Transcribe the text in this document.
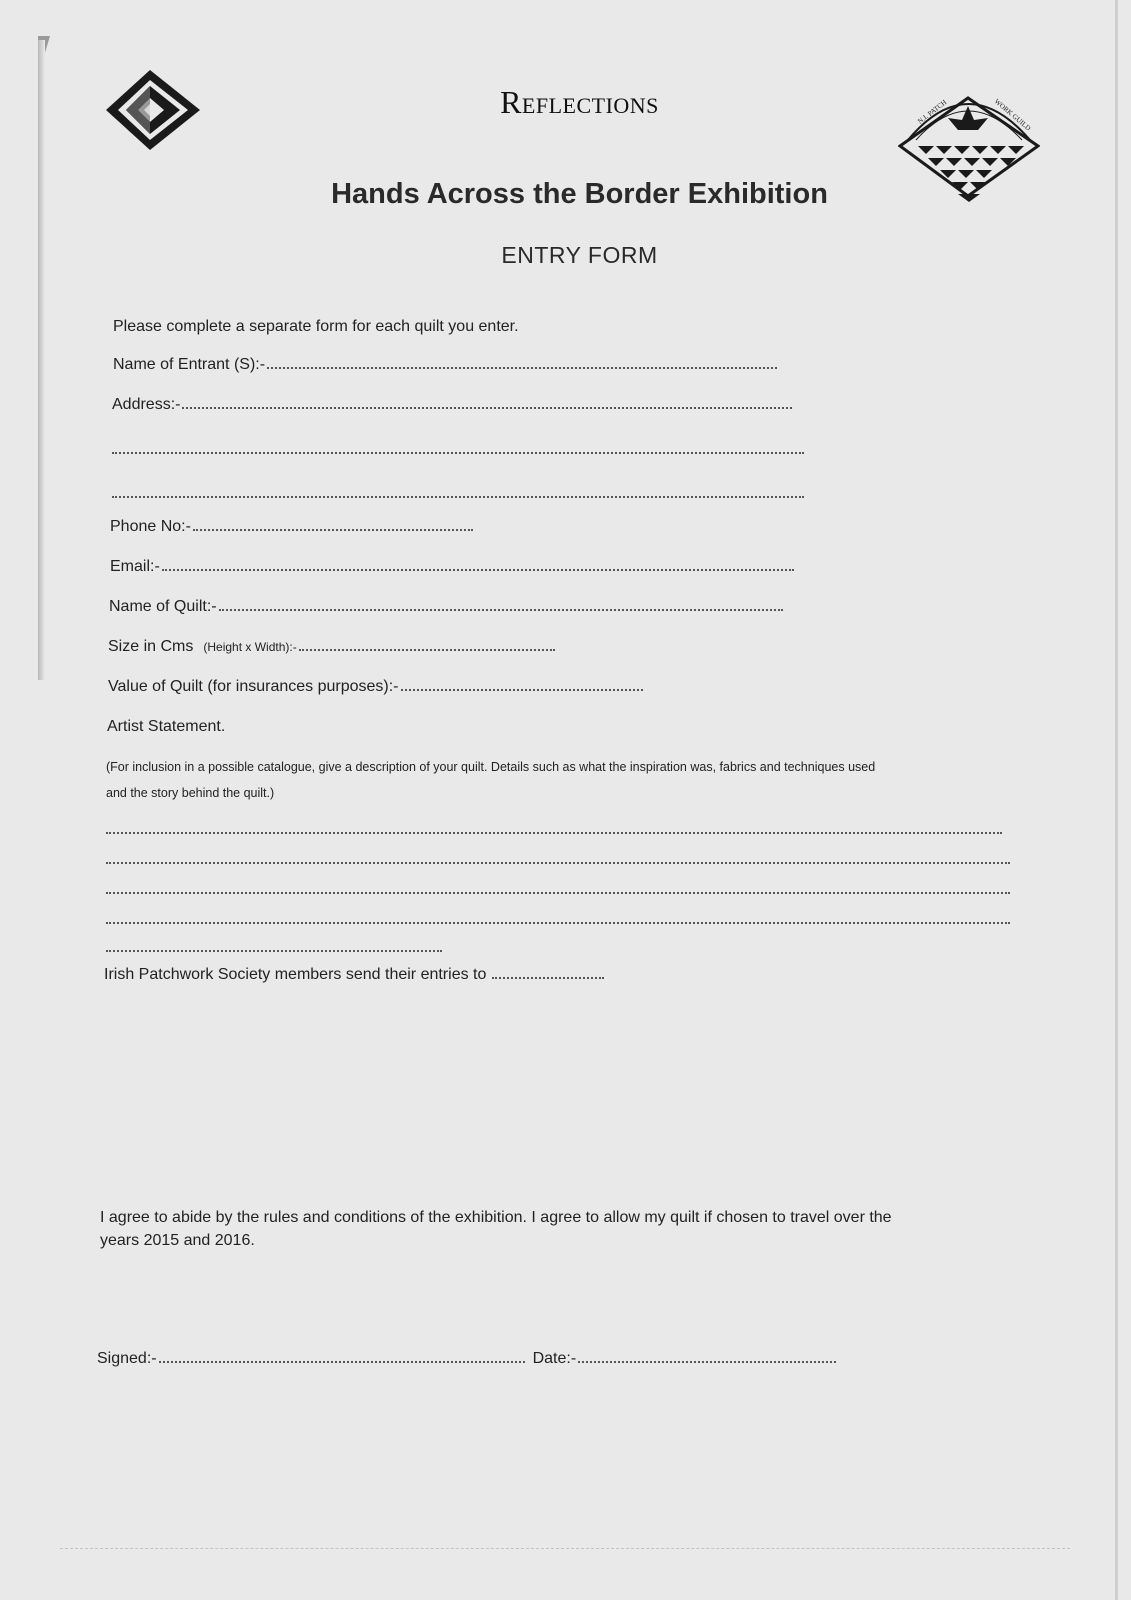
N.I. PATCH	WORK GUILD
Reflections
Hands Across the Border Exhibition
ENTRY FORM
Please complete a separate form for each quilt you enter.
Name of Entrant (S):-
Address:-
Phone No:-
Email:-
Name of Quilt:-
Size in Cms (Height x Width):-
Value of Quilt (for insurances purposes):-
Artist Statement.
(For inclusion in a possible catalogue, give a description of your quilt. Details such as what the inspiration was, fabrics and techniques used
and the story behind the quilt.)
Irish Patchwork Society members send their entries to
I agree to abide by the rules and conditions of the exhibition. I agree to allow my quilt if chosen to travel over the
years 2015 and 2016.
Signed:-	Date:-
